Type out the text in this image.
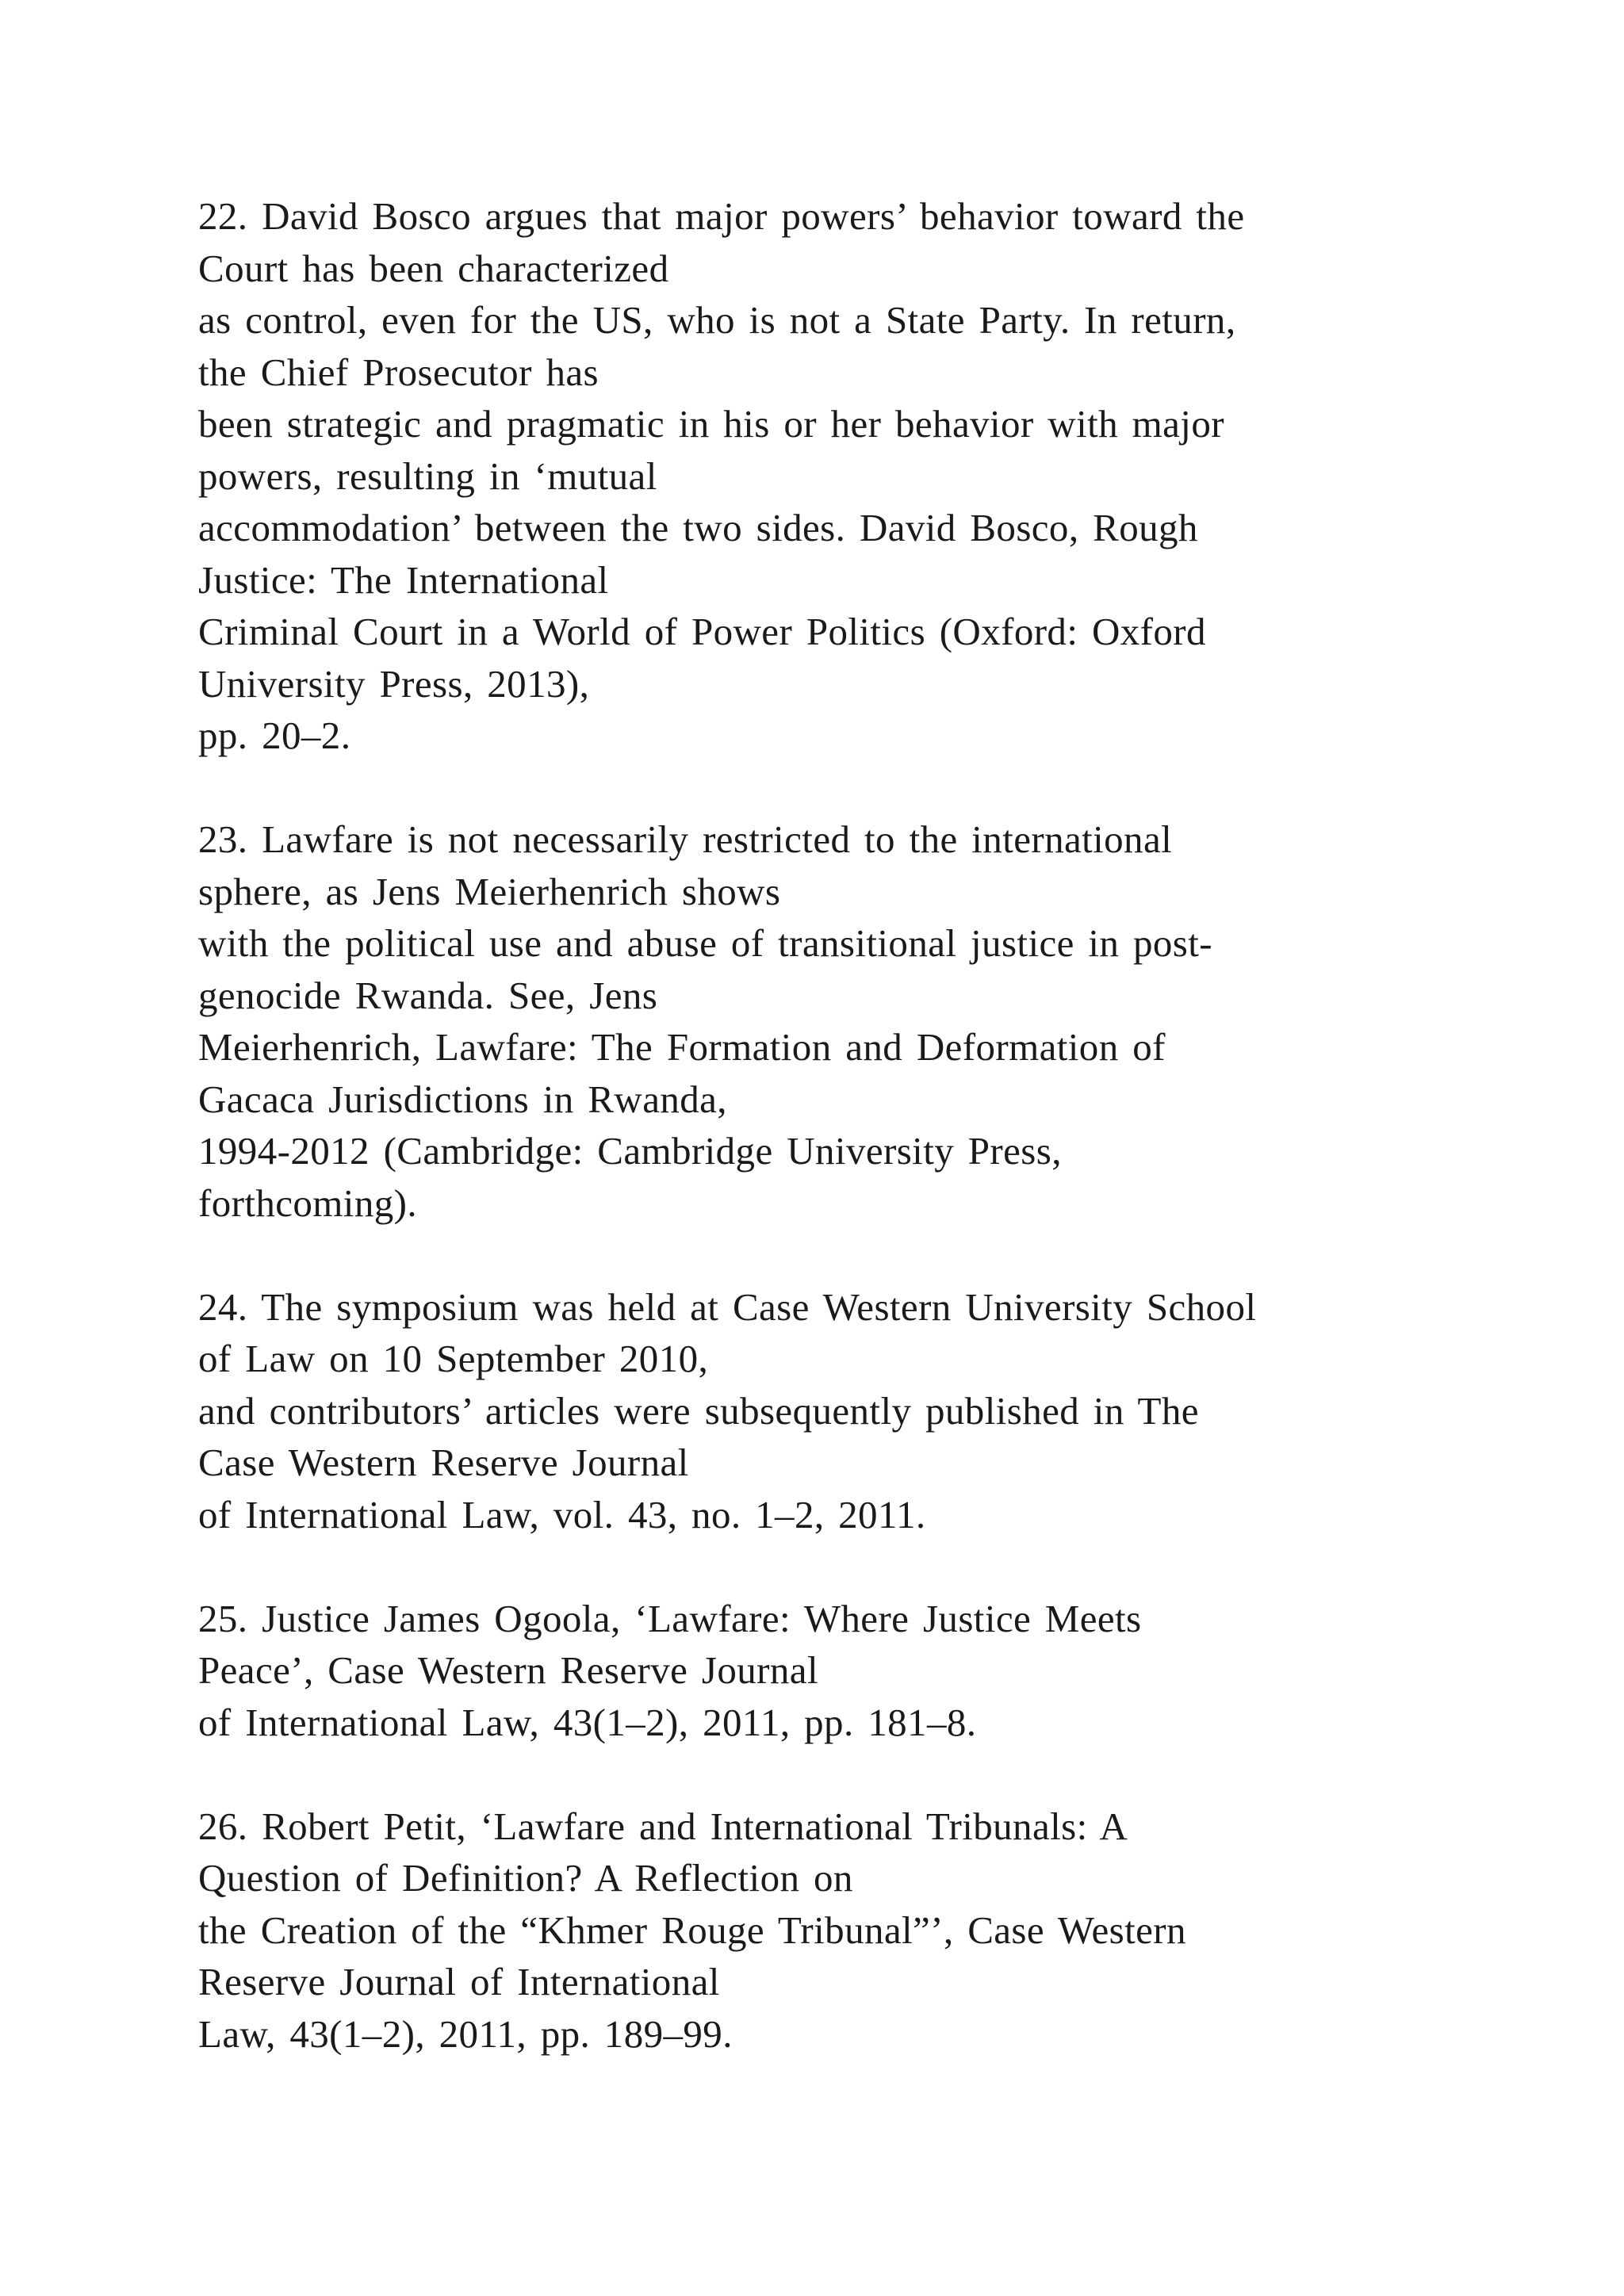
22. David Bosco argues that major powers’ behavior toward the
Court has been characterized
as control, even for the US, who is not a State Party. In return,
the Chief Prosecutor has
been strategic and pragmatic in his or her behavior with major
powers, resulting in ‘mutual
accommodation’ between the two sides. David Bosco, Rough
Justice: The International
Criminal Court in a World of Power Politics (Oxford: Oxford
University Press, 2013),
pp. 20–2.
23. Lawfare is not necessarily restricted to the international
sphere, as Jens Meierhenrich shows
with the political use and abuse of transitional justice in post-
genocide Rwanda. See, Jens
Meierhenrich, Lawfare: The Formation and Deformation of
Gacaca Jurisdictions in Rwanda,
1994-2012 (Cambridge: Cambridge University Press,
forthcoming).
24. The symposium was held at Case Western University School
of Law on 10 September 2010,
and contributors’ articles were subsequently published in The
Case Western Reserve Journal
of International Law, vol. 43, no. 1–2, 2011.
25. Justice James Ogoola, ‘Lawfare: Where Justice Meets
Peace’, Case Western Reserve Journal
of International Law, 43(1–2), 2011, pp. 181–8.
26. Robert Petit, ‘Lawfare and International Tribunals: A
Question of Definition? A Reflection on
the Creation of the “Khmer Rouge Tribunal”’, Case Western
Reserve Journal of International
Law, 43(1–2), 2011, pp. 189–99.
